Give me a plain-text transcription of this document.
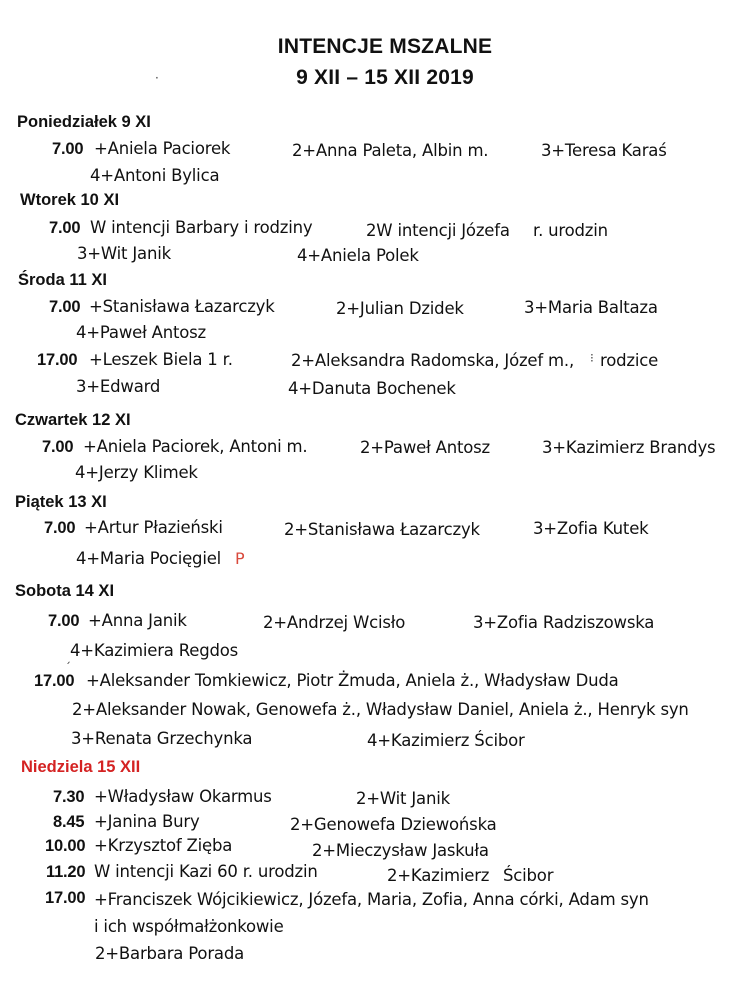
INTENCJE MSZALNE
9 XII – 15 XII 2019
Poniedziałek 9 XI
7.00 +Aniela Paciorek	2+Anna Paleta, Albin m.	3+Teresa Karaś
4+Antoni Bylica
Wtorek 10 XI
7.00 W intencji Barbary i rodziny	2W intencji Józefa r. urodzin
3+Wit Janik	4+Aniela Polek
Środa 11 XI
7.00 +Stanisława Łazarczyk	2+Julian Dzidek	3+Maria Baltaza
4+Paweł Antosz
17.00 +Leszek Biela 1 r.	2+Aleksandra Radomska, Józef m., ⁝ rodzice
3+Edward	4+Danuta Bochenek
Czwartek 12 XI
7.00 +Aniela Paciorek, Antoni m.	2+Paweł Antosz	3+Kazimierz Brandys
4+Jerzy Klimek
Piątek 13 XI
7.00 +Artur Płazieński	2+Stanisława Łazarczyk	3+Zofia Kutek
4+Maria Pocięgiel P
Sobota 14 XI
7.00 +Anna Janik	2+Andrzej Wcisło	3+Zofia Radziszowska
ˏ 4+Kazimiera Regdos
17.00 +Aleksander Tomkiewicz, Piotr Żmuda, Aniela ż., Władysław Duda
2+Aleksander Nowak, Genowefa ż., Władysław Daniel, Aniela ż., Henryk syn
3+Renata Grzechynka	4+Kazimierz Ścibor
Niedziela 15 XII
7.30 +Władysław Okarmus	2+Wit Janik
8.45 +Janina Bury	2+Genowefa Dziewońska
10.00 +Krzysztof Zięba	2+Mieczysław Jaskuła
11.20 W intencji Kazi 60 r. urodzin	2+Kazimierz Ścibor
17.00 +Franciszek Wójcikiewicz, Józefa, Maria, Zofia, Anna córki, Adam syn
i ich współmałżonkowie
2+Barbara Porada
·
